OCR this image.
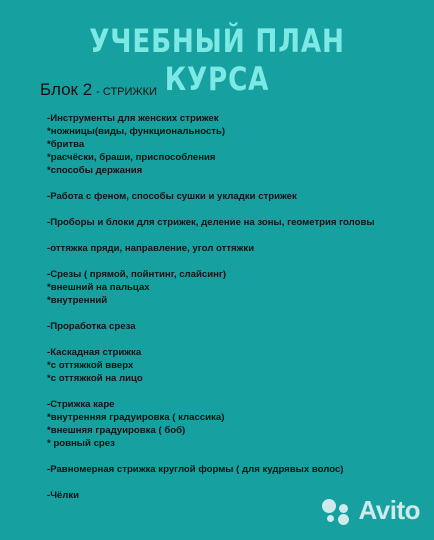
УЧЕБНЫЙ ПЛАН КУРСА
Блок 2 - СТРИЖКИ
-Инструменты для женских стрижек
*ножницы(виды, функциональность)
*бритва
*расчёски, браши, приспособления
*способы держания
-Работа с феном, способы сушки и укладки стрижек
-Проборы и блоки для стрижек, деление на зоны, геометрия головы
-оттяжка пряди, направление, угол оттяжки
-Срезы ( прямой, пойнтинг, слайсинг)
*внешний на пальцах
*внутренний
-Проработка среза
-Каскадная стрижка
*с оттяжкой вверх
*с оттяжкой на лицо
-Стрижка каре
*внутренняя градуировка ( классика)
*внешняя градуировка ( боб)
* ровный срез
-Равномерная стрижка круглой формы ( для кудрявых волос)
-Чёлки	Avito
